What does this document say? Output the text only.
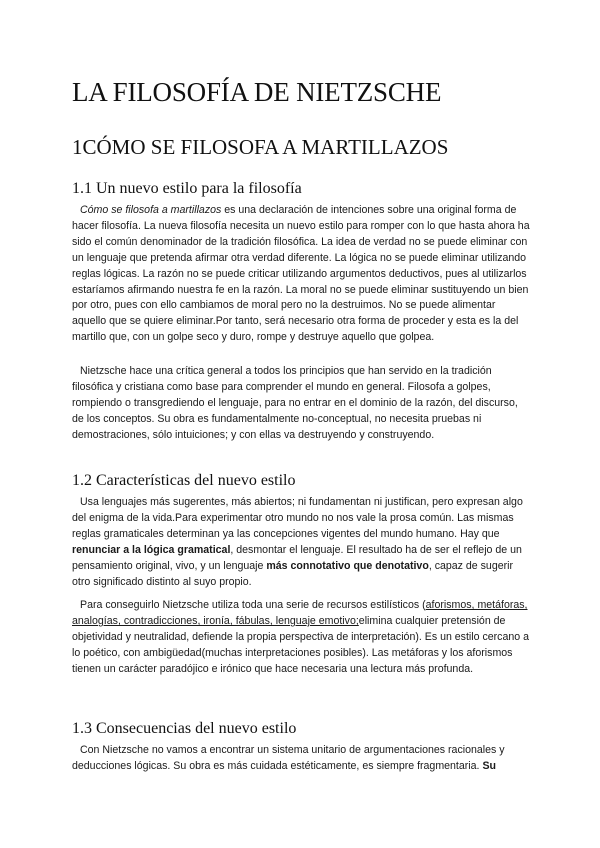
LA FILOSOFÍA DE NIETZSCHE
1CÓMO SE FILOSOFA A MARTILLAZOS
1.1 Un nuevo estilo para la filosofía

Cómo se filosofa a martillazos es una declaración de intenciones sobre una original forma de hacer filosofía. La nueva filosofía necesita un nuevo estilo para romper con lo que hasta ahora ha sido el común denominador de la tradición filosófica. La idea de verdad no se puede eliminar con un lenguaje que pretenda afirmar otra verdad diferente. La lógica no se puede eliminar utilizando reglas lógicas. La razón no se puede criticar utilizando argumentos deductivos, pues al utilizarlos estaríamos afirmando nuestra fe en la razón. La moral no se puede eliminar sustituyendo un bien por otro, pues con ello cambiamos de moral pero no la destruimos. No se puede alimentar aquello que se quiere eliminar.Por tanto, será necesario otra forma de proceder y esta es la del martillo que, con un golpe seco y duro, rompe y destruye aquello que golpea.

Nietzsche hace una crítica general a todos los principios que han servido en la tradición filosófica y cristiana como base para comprender el mundo en general. Filosofa a golpes, rompiendo o transgrediendo el lenguaje, para no entrar en el dominio de la razón, del discurso, de los conceptos. Su obra es fundamentalmente no-conceptual, no necesita pruebas ni demostraciones, sólo intuiciones; y con ellas va destruyendo y construyendo.

1.2 Características del nuevo estilo

Usa lenguajes más sugerentes, más abiertos; ni fundamentan ni justifican, pero expresan algo del enigma de la vida.Para experimentar otro mundo no nos vale la prosa común. Las mismas reglas gramaticales determinan ya las concepciones vigentes del mundo humano. Hay que renunciar a la lógica gramatical, desmontar el lenguaje. El resultado ha de ser el reflejo de un pensamiento original, vivo, y un lenguaje más connotativo que denotativo, capaz de sugerir otro significado distinto al suyo propio.

Para conseguirlo Nietzsche utiliza toda una serie de recursos estilísticos (aforismos, metáforas, analogías, contradicciones, ironía, fábulas, lenguaje emotivo;elimina cualquier pretensión de objetividad y neutralidad, defiende la propia perspectiva de interpretación). Es un estilo cercano a lo poético, con ambigüedad(muchas interpretaciones posibles). Las metáforas y los aforismos tienen un carácter paradójico e irónico que hace necesaria una lectura más profunda.

1.3 Consecuencias del nuevo estilo

Con Nietzsche no vamos a encontrar un sistema unitario de argumentaciones racionales y deducciones lógicas. Su obra es más cuidada estéticamente, es siempre fragmentaria. Su
